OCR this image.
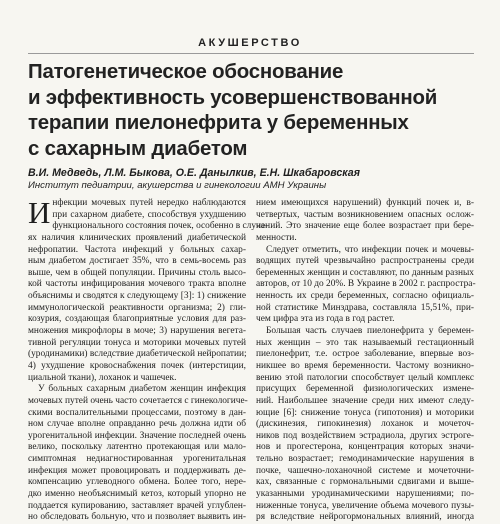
АКУШЕРСТВО
Патогенетическое обоснование
и эффективность усовершенствованной
терапии пиелонефрита у беременных
с сахарным диабетом
В.И. Медведь, Л.М. Быкова, О.Е. Данылкив, Е.Н. Шкабаровская
Институт педиатрии, акушерства и гинекологии АМН Украины
И нфекции мочевых путей нередко наблюдаются
при сахарном диабете, способствуя ухудшению
функционального состояния почек, особенно в случа-
ях наличия клинических проявлений диабетической
нефропатии. Частота инфекций у больных сахар-
ным диабетом достигает 35%, что в семь-восемь раз
выше, чем в общей популяции. Причины столь высо-
кой частоты инфицирования мочевого тракта вполне
объяснимы и сводятся к следующему [3]: 1) снижение
иммунологической реактивности организма; 2) гли-
козурия, создающая благоприятные условия для раз-
множения микрофлоры в моче; 3) нарушения вегета-
тивной регуляции тонуса и моторики мочевых путей
(уродинамики) вследствие диабетической нейропатии;
4) ухудшение кровоснабжения почек (интерстиции,
циальной ткани), лоханок и чашечек.
У больных сахарным диабетом женщин инфекция
мочевых путей очень часто сочетается с гинекологиче-
скими воспалительными процессами, поэтому в дан-
ном случае вполне оправданно речь должна идти об
урогенитальной инфекции. Значение последней очень
велико, поскольку латентно протекающая или мало-
симптомная недиагностированная урогенитальная
инфекция может провоцировать и поддерживать де-
компенсацию углеводного обмена. Более того, нере-
дко именно необъяснимый кетоз, который упорно не
поддается купированию, заставляет врачей углублен-
но обследовать больную, что и позволяет выявить ин-
нием имеющихся нарушений) функций почек и, в-
четвертых, частым возникновением опасных ослож-
нений. Это значение еще более возрастает при бере-
менности.
Следует отметить, что инфекции почек и мочевы-
водящих путей чрезвычайно распространены среди
беременных женщин и составляют, по данным разных
авторов, от 10 до 20%. В Украине в 2002 г. распростра-
ненность их среди беременных, согласно официаль-
ной статистике Минздрава, составляла 15,51%, при-
чем цифра эта из года в год растет.
Большая часть случаев пиелонефрита у беремен-
ных женщин – это так называемый гестационный
пиелонефрит, т.е. острое заболевание, впервые воз-
никшее во время беременности. Частому возникно-
вению этой патологии способствует целый комплекс
присущих беременной физиологических измене-
ний. Наибольшее значение среди них имеют следу-
ющие [6]: снижение тонуса (гипотония) и моторики
(дискинезия, гипокинезия) лоханок и мочеточ-
ников под воздействием эстрадиола, других эстроге-
нов и прогестерона, концентрация которых значи-
тельно возрастает; гемодинамические нарушения в
почке, чашечно-лоханочной системе и мочеточни-
ках, связанные с гормональными сдвигами и выше-
указанными уродинамическими нарушениями; по-
ниженные тонуса, увеличение объема мочевого пузы-
ря вследствие нейрогормональных влияний, иногда
